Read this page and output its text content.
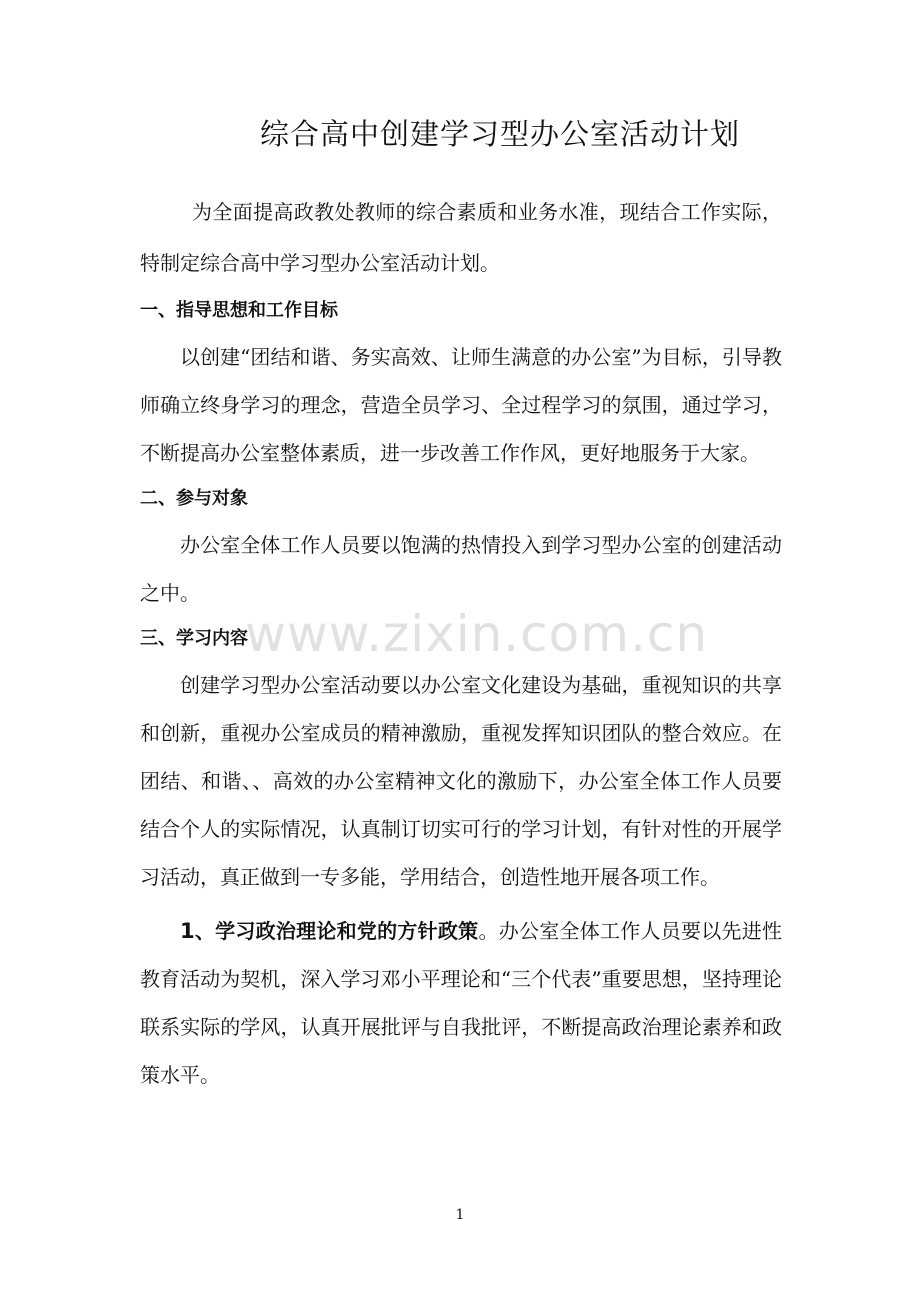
综合高中创建学习型办公室活动计划

为全面提高政教处教师的综合素质和业务水准，现结合工作实际，特制定综合高中学习型办公室活动计划。

一、指导思想和工作目标

以创建“团结和谐、务实高效、让师生满意的办公室”为目标，引导教师确立终身学习的理念，营造全员学习、全过程学习的氛围，通过学习，不断提高办公室整体素质，进一步改善工作作风，更好地服务于大家。

二、参与对象

办公室全体工作人员要以饱满的热情投入到学习型办公室的创建活动之中。

三、学习内容

创建学习型办公室活动要以办公室文化建设为基础，重视知识的共享和创新，重视办公室成员的精神激励，重视发挥知识团队的整合效应。在团结、和谐、、高效的办公室精神文化的激励下，办公室全体工作人员要结合个人的实际情况，认真制订切实可行的学习计划，有针对性的开展学习活动，真正做到一专多能，学用结合，创造性地开展各项工作。

1、学习政治理论和党的方针政策。办公室全体工作人员要以先进性教育活动为契机，深入学习邓小平理论和“三个代表”重要思想，坚持理论联系实际的学风，认真开展批评与自我批评，不断提高政治理论素养和政策水平。

www.zixin.com.cn
1
